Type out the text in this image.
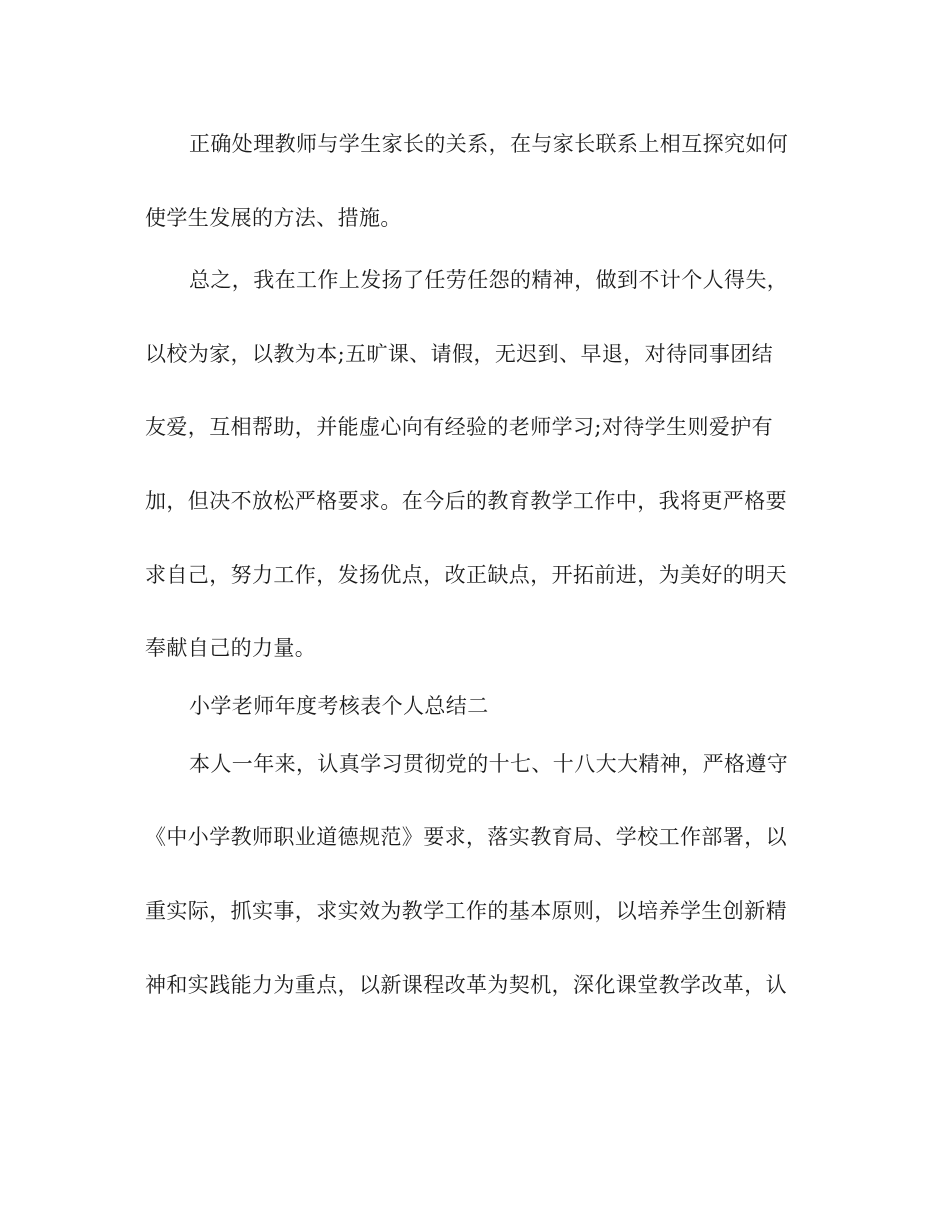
正确处理教师与学生家长的关系，在与家长联系上相互探究如何
使学生发展的方法、措施。
总之，我在工作上发扬了任劳任怨的精神，做到不计个人得失，
以校为家，以教为本;五旷课、请假，无迟到、早退，对待同事团结
友爱，互相帮助，并能虚心向有经验的老师学习;对待学生则爱护有
加，但决不放松严格要求。在今后的教育教学工作中，我将更严格要
求自己，努力工作，发扬优点，改正缺点，开拓前进，为美好的明天
奉献自己的力量。
小学老师年度考核表个人总结二
本人一年来，认真学习贯彻党的十七、十八大大精神，严格遵守
《中小学教师职业道德规范》要求，落实教育局、学校工作部署，以
重实际，抓实事，求实效为教学工作的基本原则，以培养学生创新精
神和实践能力为重点，以新课程改革为契机，深化课堂教学改革，认
